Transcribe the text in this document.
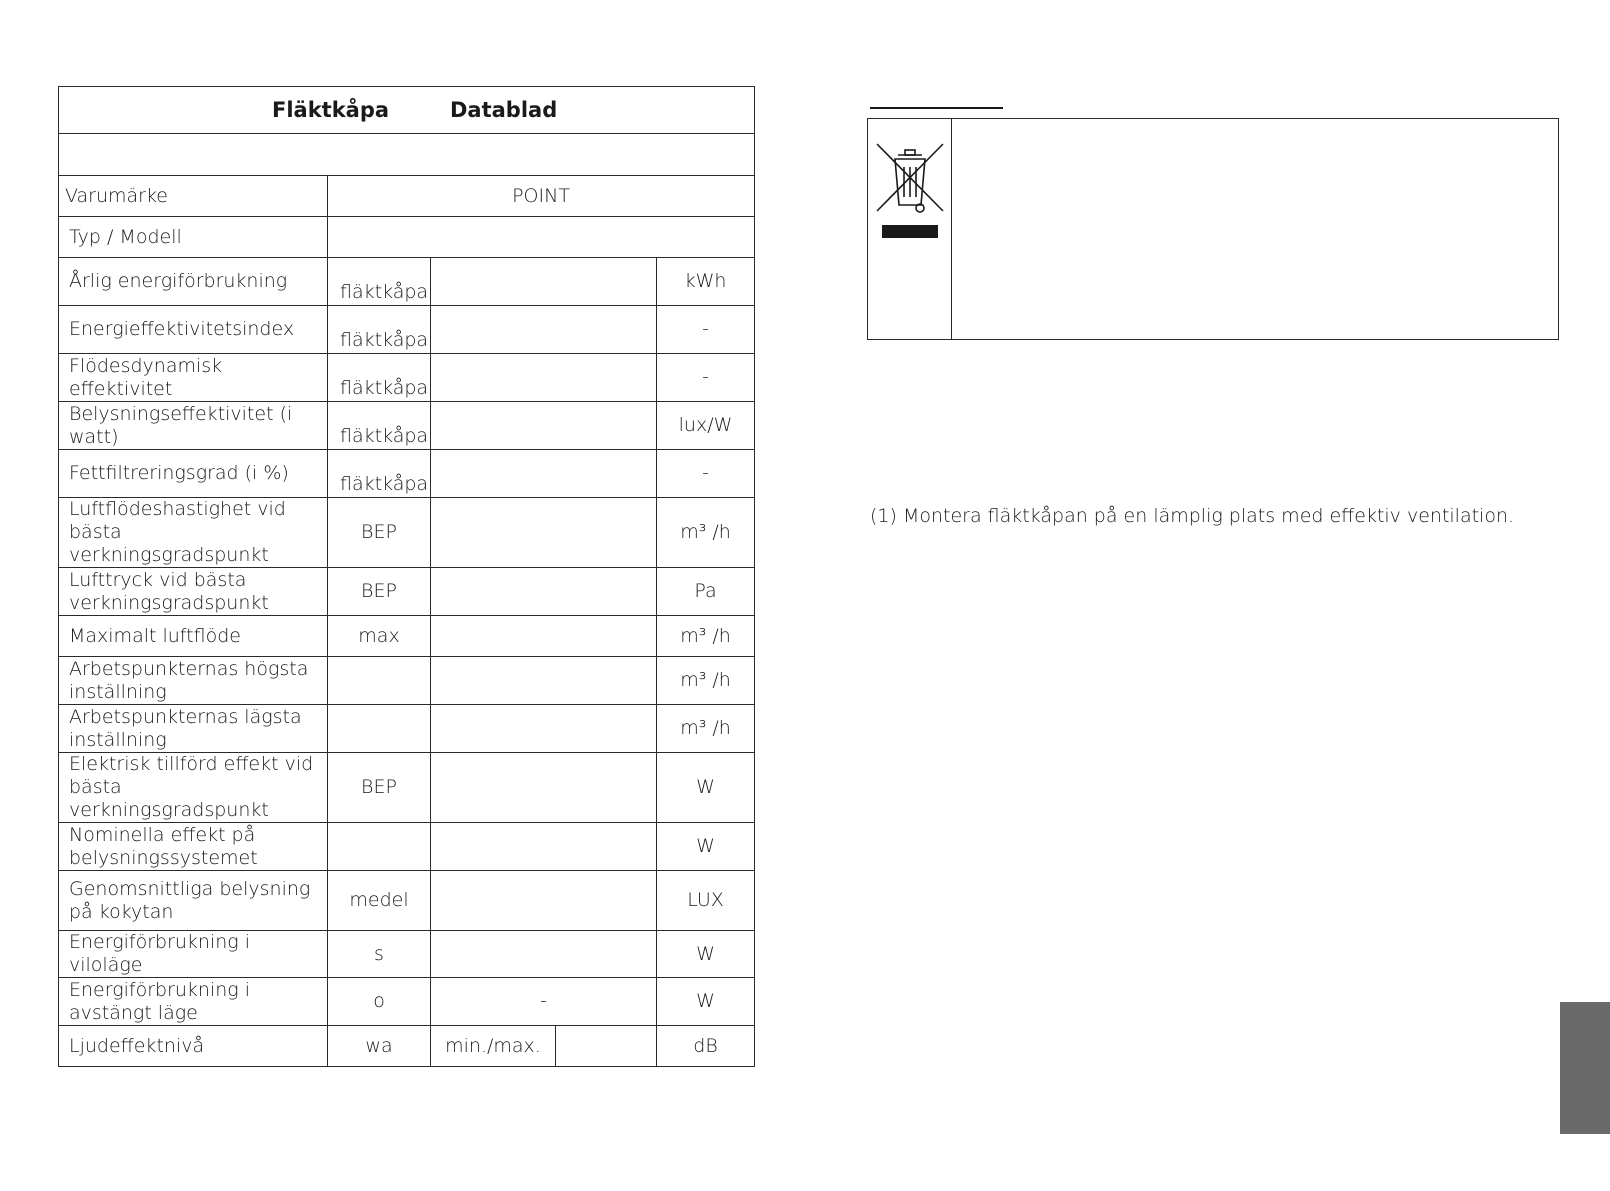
Fläktkåpa Datablad				

Varumärke	POINT			
Typ / Modell				
Årlig energiförbrukning	fläktkåpa			kWh
Energieffektivitetsindex	fläktkåpa			-
Flödesdynamisk effektivitet	fläktkåpa			-
Belysningseffektivitet (i watt)	fläktkåpa			lux/W
Fettfiltreringsgrad (i %)	fläktkåpa			-
Luftflödeshastighet vid bästa verkningsgradspunkt	BEP			m³ /h
Lufttryck vid bästa verkningsgradspunkt	BEP			Pa
Maximalt luftflöde	max			m³ /h
Arbetspunkternas högsta inställning				m³ /h
Arbetspunkternas lägsta inställning				m³ /h
Elektrisk tillförd effekt vid bästa verkningsgradspunkt	BEP			W
Nominella effekt på belysningssystemet				W
Genomsnittliga belysning på kokytan	medel			LUX
Energiförbrukning i viloläge	s			W
Energiförbrukning i avstängt läge	o	-		W
Ljudeffektnivå	wa	min./max.		dB
(1) Montera fläktkåpan på en lämplig plats med effektiv ventilation.
